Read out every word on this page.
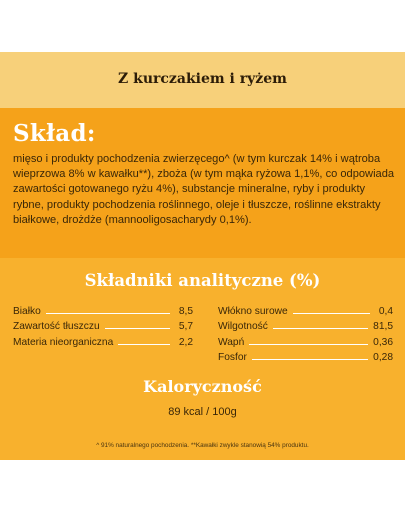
Z kurczakiem i ryżem
Skład:
mięso i produkty pochodzenia zwierzęcego^ (w tym kurczak 14% i wątroba wieprzowa 8% w kawałku**), zboża (w tym mąka ryżowa 1,1%, co odpowiada zawartości gotowanego ryżu 4%), substancje mineralne, ryby i produkty rybne, produkty pochodzenia roślinnego, oleje i tłuszcze, roślinne ekstrakty białkowe, drożdże (mannooligosacharydy 0,1%).
Składniki analityczne (%)
Białko	8,5
Zawartość tłuszczu	5,7
Materia nieorganiczna	2,2
Włókno surowe	0,4
Wilgotność	81,5
Wapń	0,36
Fosfor	0,28
Kaloryczność
89 kcal / 100g
^ 91% naturalnego pochodzenia. **Kawałki zwykle stanowią 54% produktu.
